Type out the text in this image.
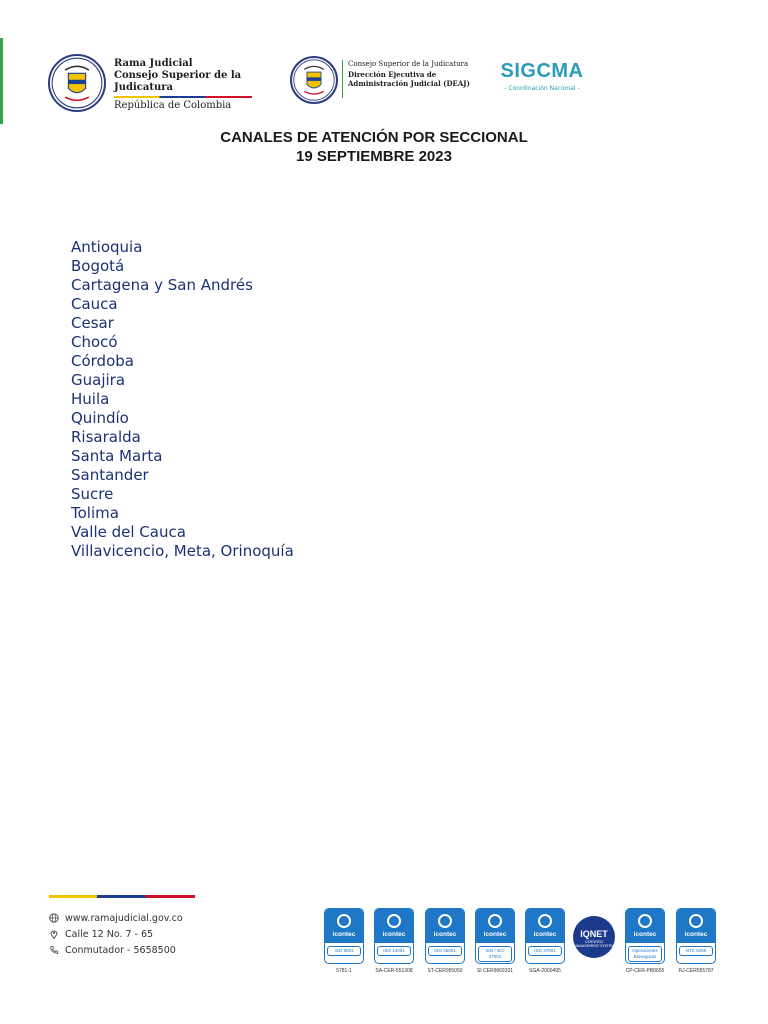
Rama Judicial
Consejo Superior de la Judicatura
República de Colombia
Consejo Superior de la Judicatura
Dirección Ejecutiva de
Administración Judicial (DEAJ)
SIGCMA
- Coordinación Nacional -
CANALES DE ATENCIÓN POR SECCIONAL
19 SEPTIEMBRE 2023
Antioquia
Bogotá
Cartagena y San Andrés
Cauca
Cesar
Chocó
Córdoba
Guajira
Huila
Quindío
Risaralda
Santa Marta
Santander
Sucre
Tolima
Valle del Cauca
Villavicencio, Meta, Orinoquía
www.ramajudicial.gov.co
Calle 12 No. 7 - 65
Conmutador - 5658500
icontec
ISO 9001
5781-1
icontec
ISO 14001
SA-CER-551308
icontec
ISO 45001
ST-CER955050
icontec
ISO / IEC 27001
SI CER9669331
icontec
ISO 37001
SGA-2000495
IQNET
CERTIFIED MANAGEMENT SYSTEM
icontec
Operaciones Bioseguras
CP-CER-PB0655
icontec
NTC 6256
RJ-CER555787
